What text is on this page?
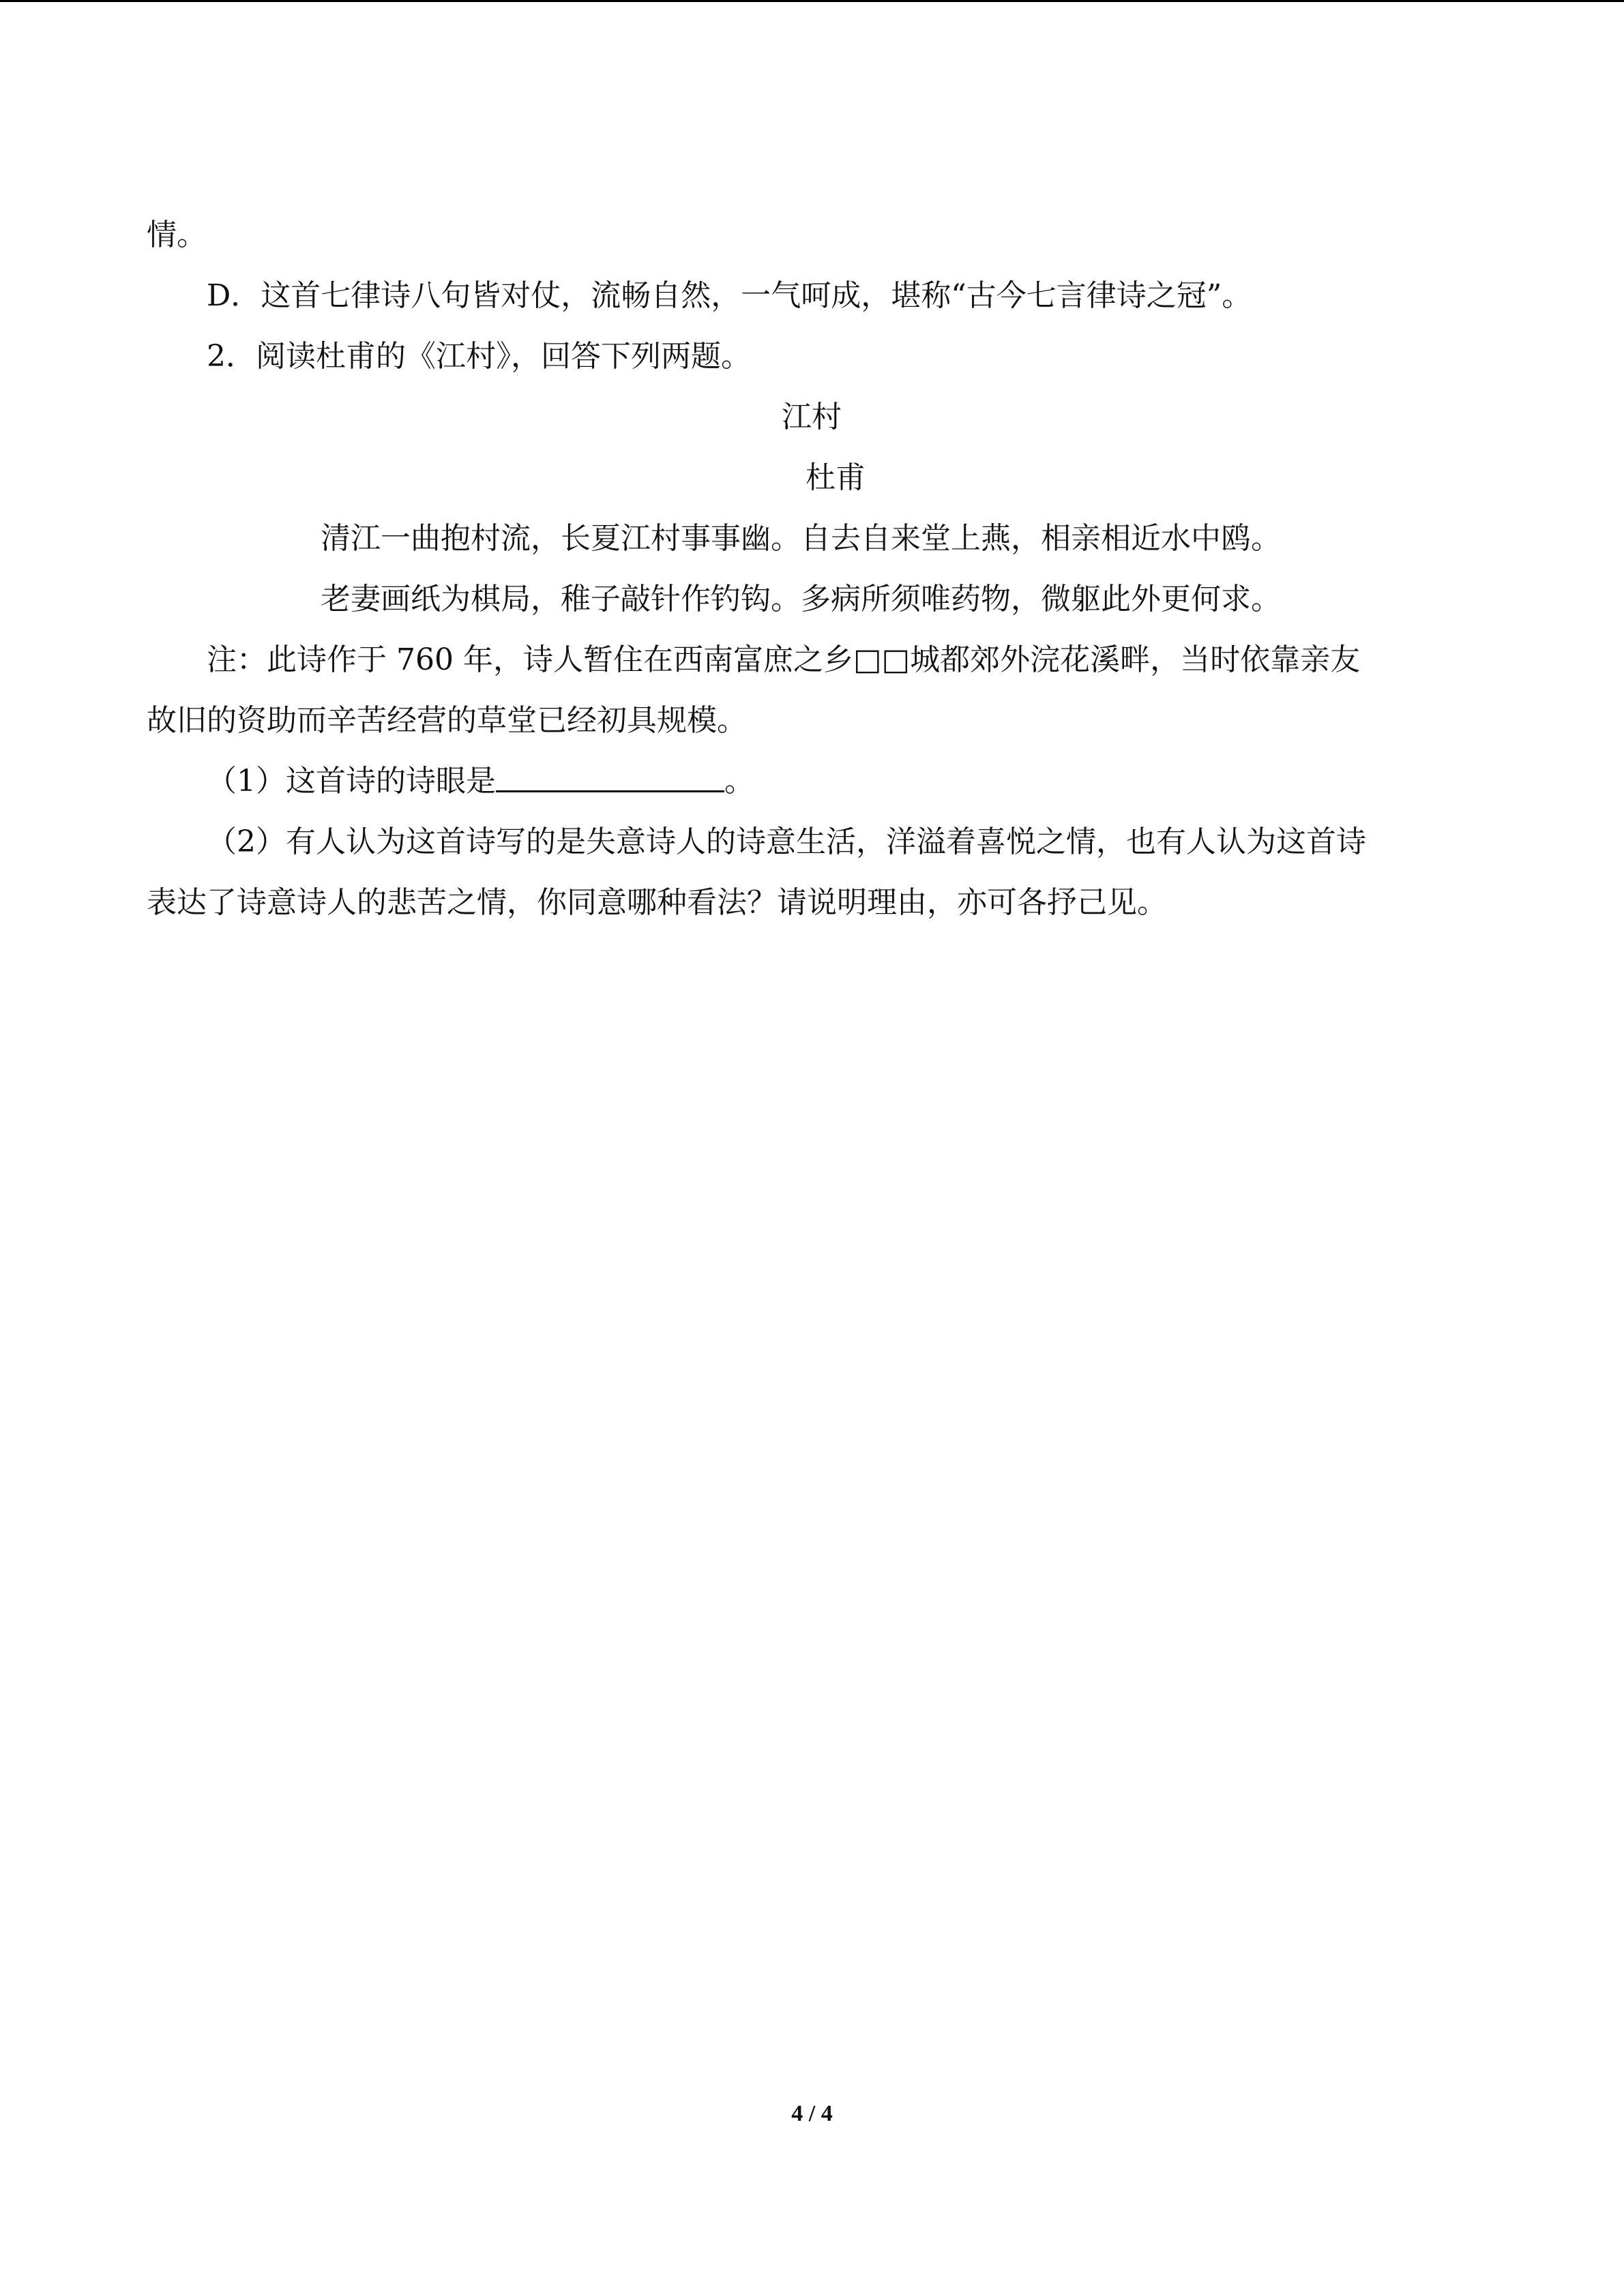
情。
D．这首七律诗八句皆对仗，流畅自然，一气呵成，堪称“古今七言律诗之冠”。
2．阅读杜甫的《江村》，回答下列两题。
江村
杜甫
清江一曲抱村流，长夏江村事事幽。自去自来堂上燕，相亲相近水中鸥。
老妻画纸为棋局，稚子敲针作钓钩。多病所须唯药物，微躯此外更何求。
注：此诗作于 760 年，诗人暂住在西南富庶之乡□□城都郊外浣花溪畔，当时依靠亲友
故旧的资助而辛苦经营的草堂已经初具规模。
（1）这首诗的诗眼是	。
（2）有人认为这首诗写的是失意诗人的诗意生活，洋溢着喜悦之情，也有人认为这首诗
表达了诗意诗人的悲苦之情，你同意哪种看法？请说明理由，亦可各抒己见。
4 / 4
